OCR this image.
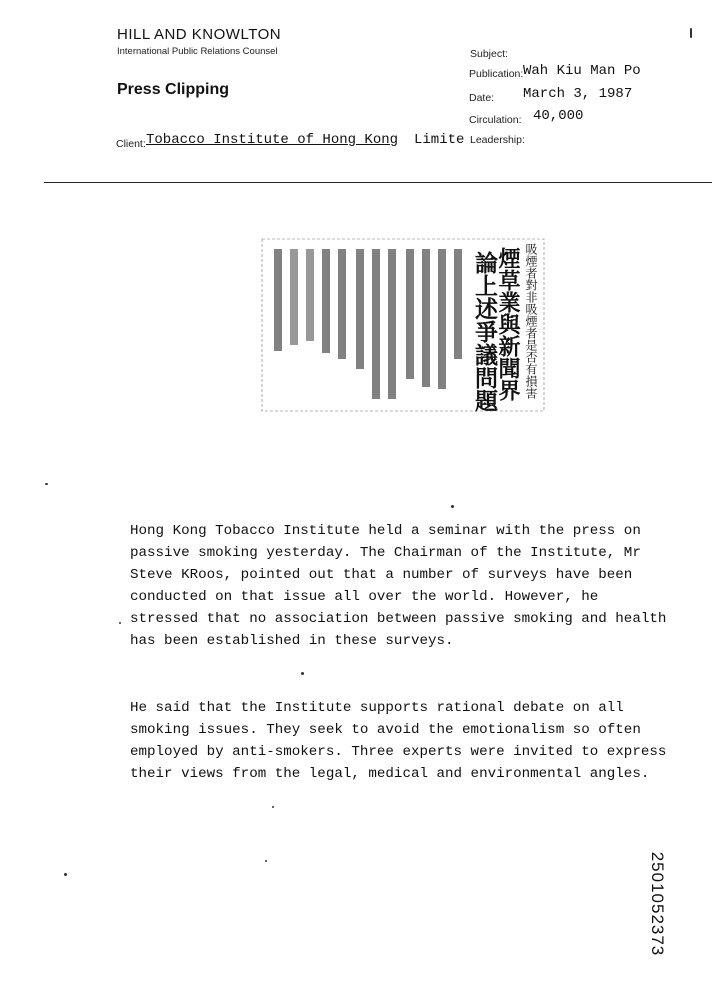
HILL AND KNOWLTON
International Public Relations Counsel
Press Clipping
Subject:
Publication: Wah Kiu Man Po
Date: March 3, 1987
Circulation: 40,000
Client: Tobacco Institute of Hong Kong Limite Leadership:
論上述爭議問題
煙草業與新聞界 吸煙者對非吸煙者是否有損害

Hong Kong Tobacco Institute held a seminar with the press on passive smoking yesterday. The Chairman of the Institute, Mr Steve KRoos, pointed out that a number of surveys have been conducted on that issue all over the world. However, he stressed that no association between passive smoking and health has been established in these surveys.

He said that the Institute supports rational debate on all smoking issues. They seek to avoid the emotionalism so often employed by anti-smokers. Three experts were invited to express their views from the legal, medical and environmental angles.

2501052373
